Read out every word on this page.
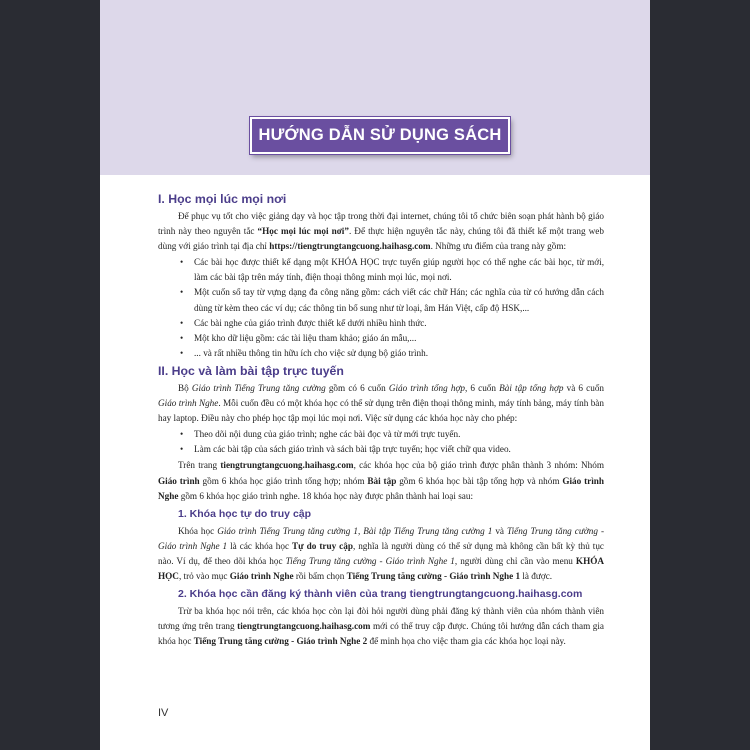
HƯỚNG DẪN SỬ DỤNG SÁCH
I. Học mọi lúc mọi nơi

Để phục vụ tốt cho việc giảng dạy và học tập trong thời đại internet, chúng tôi tổ chức biên soạn phát hành bộ giáo trình này theo nguyên tắc “Học mọi lúc mọi nơi”. Để thực hiện nguyên tắc này, chúng tôi đã thiết kế một trang web dùng với giáo trình tại địa chỉ https://tiengtrungtangcuong.haihasg.com. Những ưu điểm của trang này gồm:

• Các bài học được thiết kế dạng một KHÓA HỌC trực tuyến giúp người học có thể nghe các bài học, từ mới, làm các bài tập trên máy tính, điện thoại thông minh mọi lúc, mọi nơi.
• Một cuốn sổ tay từ vựng dạng đa công năng gồm: cách viết các chữ Hán; các nghĩa của từ có hướng dẫn cách dùng từ kèm theo các ví dụ; các thông tin bổ sung như từ loại, âm Hán Việt, cấp độ HSK,...
• Các bài nghe của giáo trình được thiết kế dưới nhiều hình thức.
• Một kho dữ liệu gồm: các tài liệu tham khảo; giáo án mẫu,...
• ... và rất nhiều thông tin hữu ích cho việc sử dụng bộ giáo trình.
II. Học và làm bài tập trực tuyến

Bộ Giáo trình Tiếng Trung tăng cường gồm có 6 cuốn Giáo trình tổng hợp, 6 cuốn Bài tập tổng hợp và 6 cuốn Giáo trình Nghe. Mỗi cuốn đều có một khóa học có thể sử dụng trên điện thoại thông minh, máy tính bảng, máy tính bàn hay laptop. Điều này cho phép học tập mọi lúc mọi nơi. Việc sử dụng các khóa học này cho phép:

• Theo dõi nội dung của giáo trình; nghe các bài đọc và từ mới trực tuyến.
• Làm các bài tập của sách giáo trình và sách bài tập trực tuyến; học viết chữ qua video.

Trên trang tiengtrungtangcuong.haihasg.com, các khóa học của bộ giáo trình được phân thành 3 nhóm: Nhóm Giáo trình gồm 6 khóa học giáo trình tổng hợp; nhóm Bài tập gồm 6 khóa học bài tập tổng hợp và nhóm Giáo trình Nghe gồm 6 khóa học giáo trình nghe. 18 khóa học này được phân thành hai loại sau:

1. Khóa học tự do truy cập

Khóa học Giáo trình Tiếng Trung tăng cường 1, Bài tập Tiếng Trung tăng cường 1 và Tiếng Trung tăng cường - Giáo trình Nghe 1 là các khóa học Tự do truy cập, nghĩa là người dùng có thể sử dụng mà không cần bất kỳ thủ tục nào. Ví dụ, để theo dõi khóa học Tiếng Trung tăng cường - Giáo trình Nghe 1, người dùng chỉ cần vào menu KHÓA HỌC, trỏ vào mục Giáo trình Nghe rồi bấm chọn Tiếng Trung tăng cường - Giáo trình Nghe 1 là được.

2. Khóa học cần đăng ký thành viên của trang tiengtrungtangcuong.haihasg.com

Trừ ba khóa học nói trên, các khóa học còn lại đòi hỏi người dùng phải đăng ký thành viên của nhóm thành viên tương ứng trên trang tiengtrungtangcuong.haihasg.com mới có thể truy cập được. Chúng tôi hướng dẫn cách tham gia khóa học Tiếng Trung tăng cường - Giáo trình Nghe 2 để minh họa cho việc tham gia các khóa học loại này.

IV
